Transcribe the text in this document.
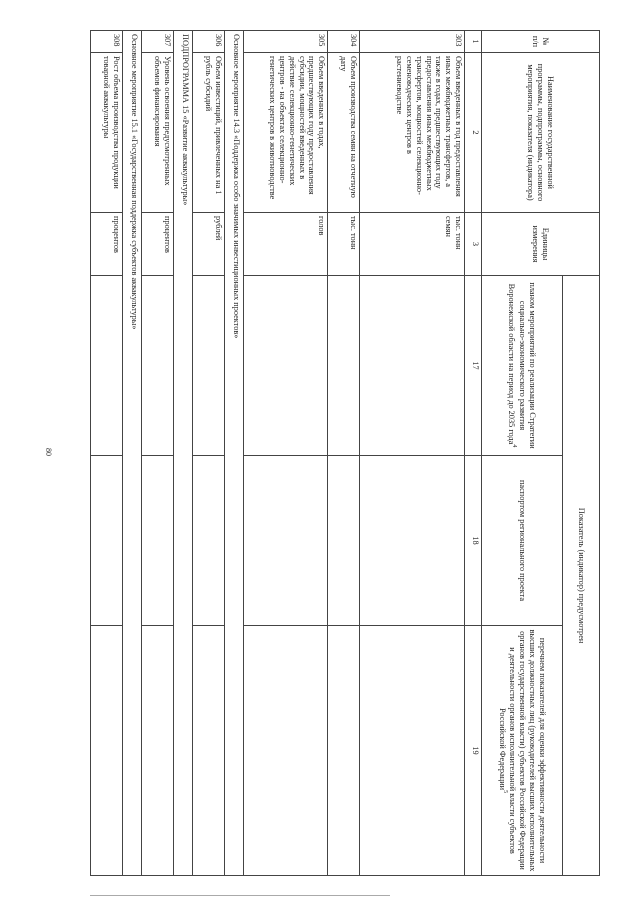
80
№ п/п	Наименование государственной программы, подпрограммы, основного мероприятия, показателя (индикатора)	Единицы измерения	Показатель (индикатор) предусмотрен		
			планом мероприятий по реализации Стратегии социально-экономического развития Воронежской области на период до 2035 года$^4$	паспортом регионального проекта	перечнем показателей для оценки эффективности деятельности высших должностных лиц (руководителей высших исполнительных органов государственной власти) субъектов Российской Федерации и деятельности органов исполнительной власти субъектов Российской Федерации$^5$
1	2	3	17	18	19
303	Объем введенных в год предоставления иных межбюджетных трансфертов, а также в годах, предшествующих году предоставления иных межбюджетных трансфертов, мощностей селекционно-семеноводческих центров в растениеводстве	тыс. тонн семян			
304	Объем производства семян на отчетную дату	тыс. тонн			
305	Объем введенных в годах, предшествующих году предоставления субсидии, мощностей введенных в действие селекционно-генетических центров - на объектах селекционно-генетических центров в животноводстве	голов			
Основное мероприятие 14.3 «Поддержка особо значимых инвестиционных проектов»					
306	Объем инвестиций, привлеченных на 1 рубль субсидий	рублей			
ПОДПРОГРАММА 15 «Развитие аквакультуры»					
307	Уровень освоения предусмотренных объемов финансирования	процентов			
Основное мероприятие 15.1 «Государственная поддержка субъектов аквакультуры»					
308	Рост объема производства продукции товарной аквакультуры	процентов			
